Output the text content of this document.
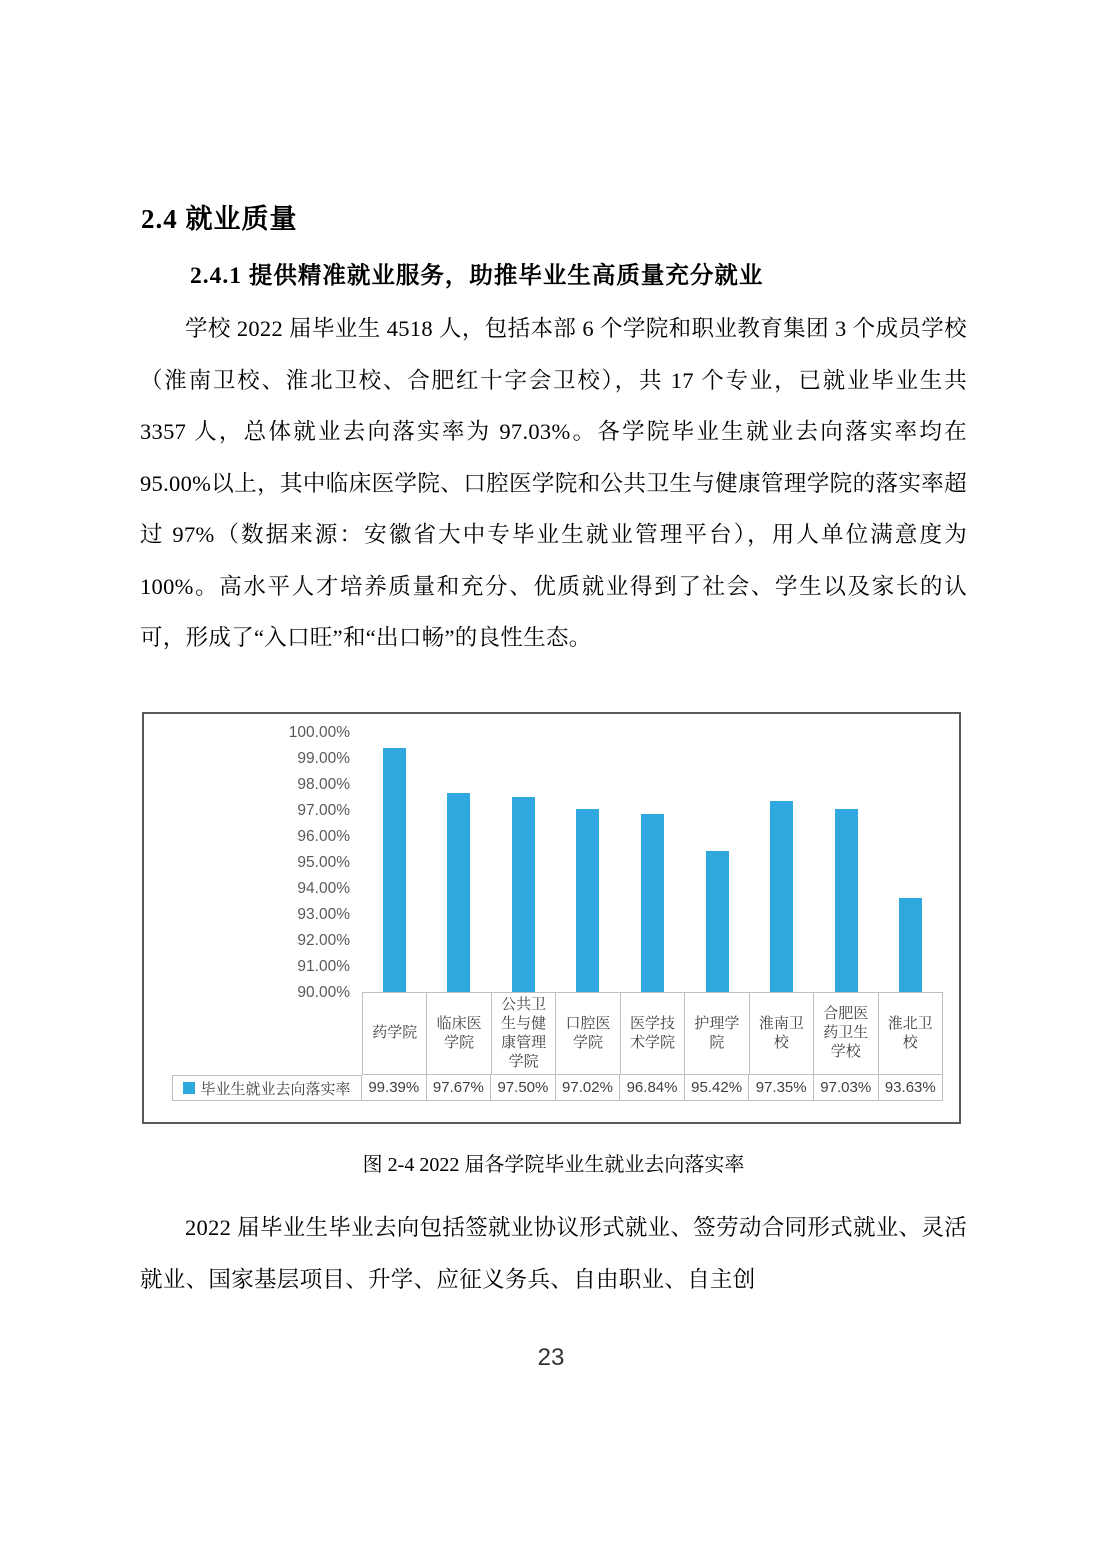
2.4 就业质量
2.4.1 提供精准就业服务，助推毕业生高质量充分就业
学校 2022 届毕业生 4518 人，包括本部 6 个学院和职业教育集团 3 个成员学校（淮南卫校、淮北卫校、合肥红十字会卫校），共 17 个专业，已就业毕业生共 3357 人，总体就业去向落实率为 97.03%。各学院毕业生就业去向落实率均在 95.00%以上，其中临床医学院、口腔医学院和公共卫生与健康管理学院的落实率超过 97%（数据来源：安徽省大中专毕业生就业管理平台），用人单位满意度为 100%。高水平人才培养质量和充分、优质就业得到了社会、学生以及家长的认可，形成了“入口旺”和“出口畅”的良性生态。
100.00%
99.00%
98.00%
97.00%
96.00%
95.00%
94.00%
93.00%
92.00%
91.00%
90.00%
药学院
临床医学院
公共卫生与健康管理学院
口腔医学院
医学技术学院
护理学院
淮南卫校
合肥医药卫生学校
淮北卫校
毕业生就业去向落实率	99.39% 97.67% 97.50% 97.02% 96.84% 95.42% 97.35% 97.03% 93.63%
图 2-4 2022 届各学院毕业生就业去向落实率
2022 届毕业生毕业去向包括签就业协议形式就业、签劳动合同形式就业、灵活就业、国家基层项目、升学、应征义务兵、自由职业、自主创
23
